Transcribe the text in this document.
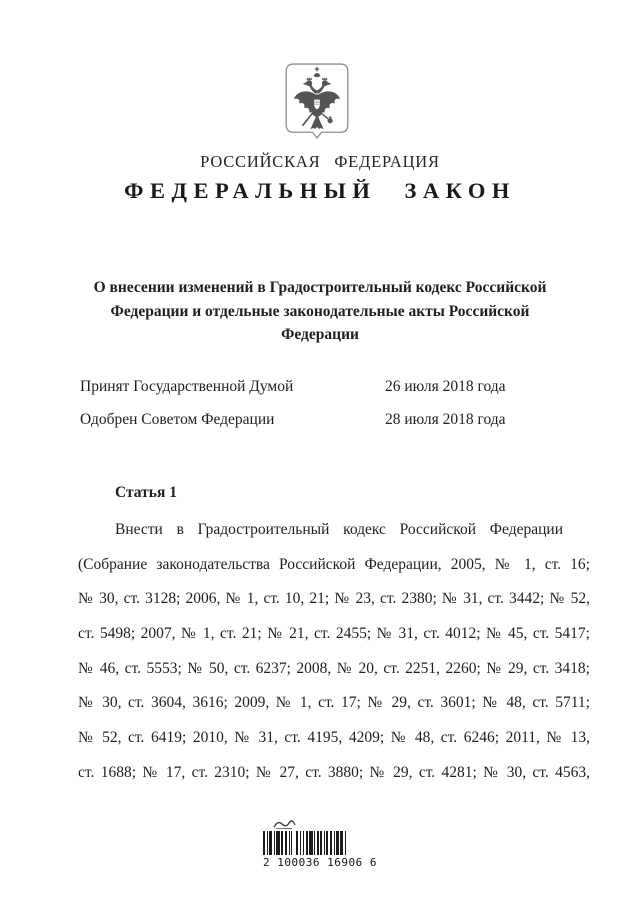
РОССИЙСКАЯ ФЕДЕРАЦИЯ
ФЕДЕРАЛЬНЫЙ ЗАКОН
О внесении изменений в Градостроительный кодекс Российской
Федерации и отдельные законодательные акты Российской
Федерации
Принят Государственной Думой	26 июля 2018 года
Одобрен Советом Федерации	28 июля 2018 года
Статья 1
Внести в Градостроительный кодекс Российской Федерации
(Собрание законодательства Российской Федерации, 2005, № 1, ст. 16;
№ 30, ст. 3128; 2006, № 1, ст. 10, 21; № 23, ст. 2380; № 31, ст. 3442; № 52,
ст. 5498; 2007, № 1, ст. 21; № 21, ст. 2455; № 31, ст. 4012; № 45, ст. 5417;
№ 46, ст. 5553; № 50, ст. 6237; 2008, № 20, ст. 2251, 2260; № 29, ст. 3418;
№ 30, ст. 3604, 3616; 2009, № 1, ст. 17; № 29, ст. 3601; № 48, ст. 5711;
№ 52, ст. 6419; 2010, № 31, ст. 4195, 4209; № 48, ст. 6246; 2011, № 13,
ст. 1688; № 17, ст. 2310; № 27, ст. 3880; № 29, ст. 4281; № 30, ст. 4563,
2 100036 16906 6
